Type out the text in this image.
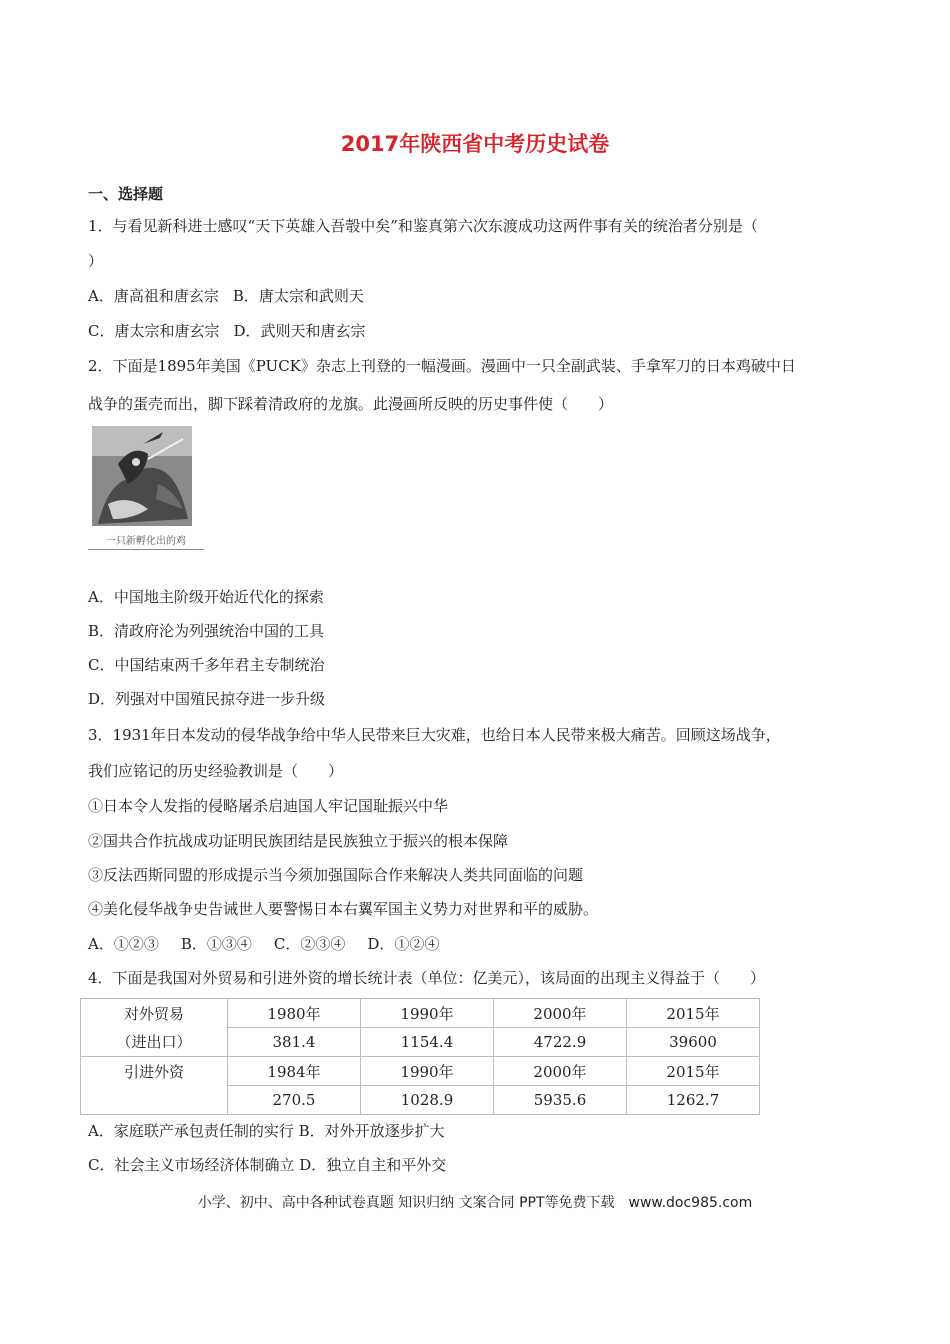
2017年陕西省中考历史试卷
一、选择题
1．与看见新科进士感叹“天下英雄入吾彀中矣”和鉴真第六次东渡成功这两件事有关的统治者分别是（
）
A．唐高祖和唐玄宗 B．唐太宗和武则天
C．唐太宗和唐玄宗 D．武则天和唐玄宗
2．下面是1895年美国《PUCK》杂志上刊登的一幅漫画。漫画中一只全副武装、手拿军刀的日本鸡破中日
战争的蛋壳而出，脚下踩着清政府的龙旗。此漫画所反映的历史事件使（　　）
一只新孵化出的鸡
A．中国地主阶级开始近代化的探索
B．清政府沦为列强统治中国的工具
C．中国结束两千多年君主专制统治
D．列强对中国殖民掠夺进一步升级
3．1931年日本发动的侵华战争给中华人民带来巨大灾难，也给日本人民带来极大痛苦。回顾这场战争，
我们应铭记的历史经验教训是（　　）
①日本令人发指的侵略屠杀启迪国人牢记国耻振兴中华
②国共合作抗战成功证明民族团结是民族独立于振兴的根本保障
③反法西斯同盟的形成提示当今须加强国际合作来解决人类共同面临的问题
④美化侵华战争史告诫世人要警惕日本右翼军国主义势力对世界和平的威胁。
A．①②③ B．①③④ C．②③④ D．①②④
4．下面是我国对外贸易和引进外资的增长统计表（单位：亿美元），该局面的出现主义得益于（　　）
对外贸易	1980年	1990年	2000年	2015年
（进出口）	381.4	1154.4	4722.9	39600
引进外资	1984年	1990年	2000年	2015年
	270.5	1028.9	5935.6	1262.7
A．家庭联产承包责任制的实行 B．对外开放逐步扩大
C．社会主义市场经济体制确立 D．独立自主和平外交
小学、初中、高中各种试卷真题 知识归纳 文案合同 PPT等免费下载　www.doc985.com
